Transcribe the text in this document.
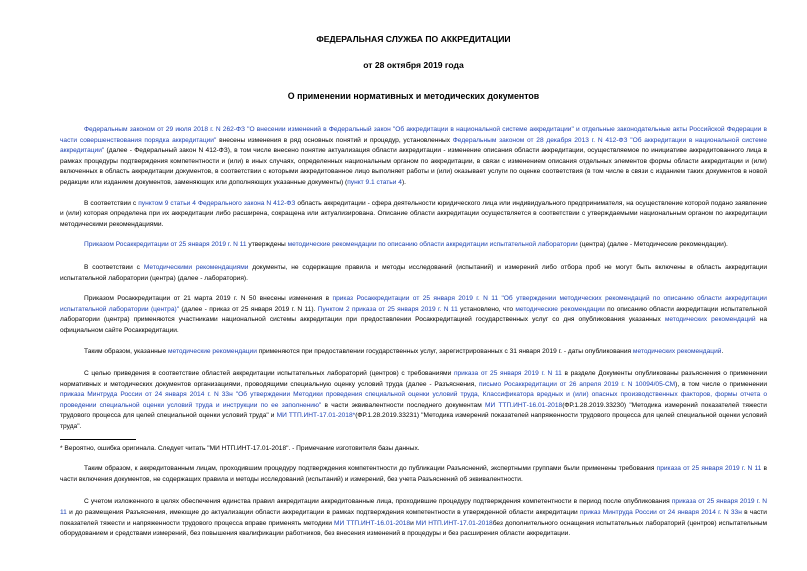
ФЕДЕРАЛЬНАЯ СЛУЖБА ПО АККРЕДИТАЦИИ
от 28 октября 2019 года
О применении нормативных и методических документов

Федеральным законом от 29 июля 2018 г. N 262-ФЗ "О внесении изменений в Федеральный закон "Об аккредитации в национальной системе аккредитации" и отдельные законодательные акты Российской Федерации в части совершенствования порядка аккредитации" внесены изменения в ряд основных понятий и процедур, установленных Федеральным законом от 28 декабря 2013 г. N 412-ФЗ "Об аккредитации в национальной системе аккредитации" (далее - Федеральный закон N 412-ФЗ), в том числе внесено понятие актуализация области аккредитации - изменение описания области аккредитации, осуществляемое по инициативе аккредитованного лица в рамках процедуры подтверждения компетентности и (или) в иных случаях, определенных национальным органом по аккредитации, в связи с изменением описания отдельных элементов формы области аккредитации и (или) включенных в область аккредитации документов, в соответствии с которыми аккредитованное лицо выполняет работы и (или) оказывает услуги по оценке соответствия (в том числе в связи с изданием таких документов в новой редакции или изданием документов, заменяющих или дополняющих указанные документы) (пункт 9.1 статьи 4).

В соответствии с пунктом 9 статьи 4 Федерального закона N 412-ФЗ область аккредитации - сфера деятельности юридического лица или индивидуального предпринимателя, на осуществление которой подано заявление и (или) которая определена при их аккредитации либо расширена, сокращена или актуализирована. Описание области аккредитации осуществляется в соответствии с утверждаемыми национальным органом по аккредитации методическими рекомендациями.

Приказом Росаккредитации от 25 января 2019 г. N 11 утверждены методические рекомендации по описанию области аккредитации испытательной лаборатории (центра) (далее - Методические рекомендации).

В соответствии с Методическими рекомендациями документы, не содержащие правила и методы исследований (испытаний) и измерений либо отбора проб не могут быть включены в область аккредитации испытательной лаборатории (центра) (далее - лаборатория).

Приказом Росаккредитации от 21 марта 2019 г. N 50 внесены изменения в приказ Росаккредитации от 25 января 2019 г. N 11 "Об утверждении методических рекомендаций по описанию области аккредитации испытательной лаборатории (центра)" (далее - приказ от 25 января 2019 г. N 11). Пунктом 2 приказа от 25 января 2019 г. N 11 установлено, что методические рекомендации по описанию области аккредитации испытательной лаборатории (центра) применяются участниками национальной системы аккредитации при предоставлении Росаккредитацией государственных услуг со дня опубликования указанных методических рекомендаций на официальном сайте Росаккредитации.

Таким образом, указанные методические рекомендации применяются при предоставлении государственных услуг, зарегистрированных с 31 января 2019 г. - даты опубликования методических рекомендаций.

С целью приведения в соответствие областей аккредитации испытательных лабораторий (центров) с требованиями приказа от 25 января 2019 г. N 11 в разделе Документы опубликованы разъяснения о применении нормативных и методических документов организациями, проводящими специальную оценку условий труда (далее - Разъяснения, письмо Росаккредитации от 26 апреля 2019 г. N 10094/05-СМ), в том числе о применении приказа Минтруда России от 24 января 2014 г. N 33н "Об утверждении Методики проведения специальной оценки условий труда, Классификатора вредных и (или) опасных производственных факторов, формы отчета о проведении специальной оценки условий труда и инструкции по ее заполнению" в части эквивалентности последнего документам МИ ТТП.ИНТ-16.01-2018(ФР.1.28.2019.33230) "Методика измерений показателей тяжести трудового процесса для целей специальной оценки условий труда" и МИ ТТП.ИНТ-17.01-2018*(ФР.1.28.2019.33231) "Методика измерений показателей напряженности трудового процесса для целей специальной оценки условий труда".

* Вероятно, ошибка оригинала. Следует читать "МИ НТП.ИНТ-17.01-2018". - Примечание изготовителя базы данных.

Таким образом, к аккредитованным лицам, проходившим процедуру подтверждения компетентности до публикации Разъяснений, экспертными группами были применены требования приказа от 25 января 2019 г. N 11 в части включения документов, не содержащих правила и методы исследований (испытаний) и измерений, без учета Разъяснений об эквивалентности.

С учетом изложенного в целях обеспечения единства правил аккредитации аккредитованные лица, проходившие процедуру подтверждения компетентности в период после опубликования приказа от 25 января 2019 г. N 11 и до размещения Разъяснения, имеющие до актуализации области аккредитации в рамках подтверждения компетентности в утвержденной области аккредитации приказ Минтруда России от 24 января 2014 г. N 33н в части показателей тяжести и напряженности трудового процесса вправе применять методики МИ ТТП.ИНТ-16.01-2018и МИ НТП.ИНТ-17.01-2018без дополнительного оснащения испытательных лабораторий (центров) испытательным оборудованием и средствами измерений, без повышения квалификации работников, без внесения изменений в процедуры и без расширения области аккредитации.
